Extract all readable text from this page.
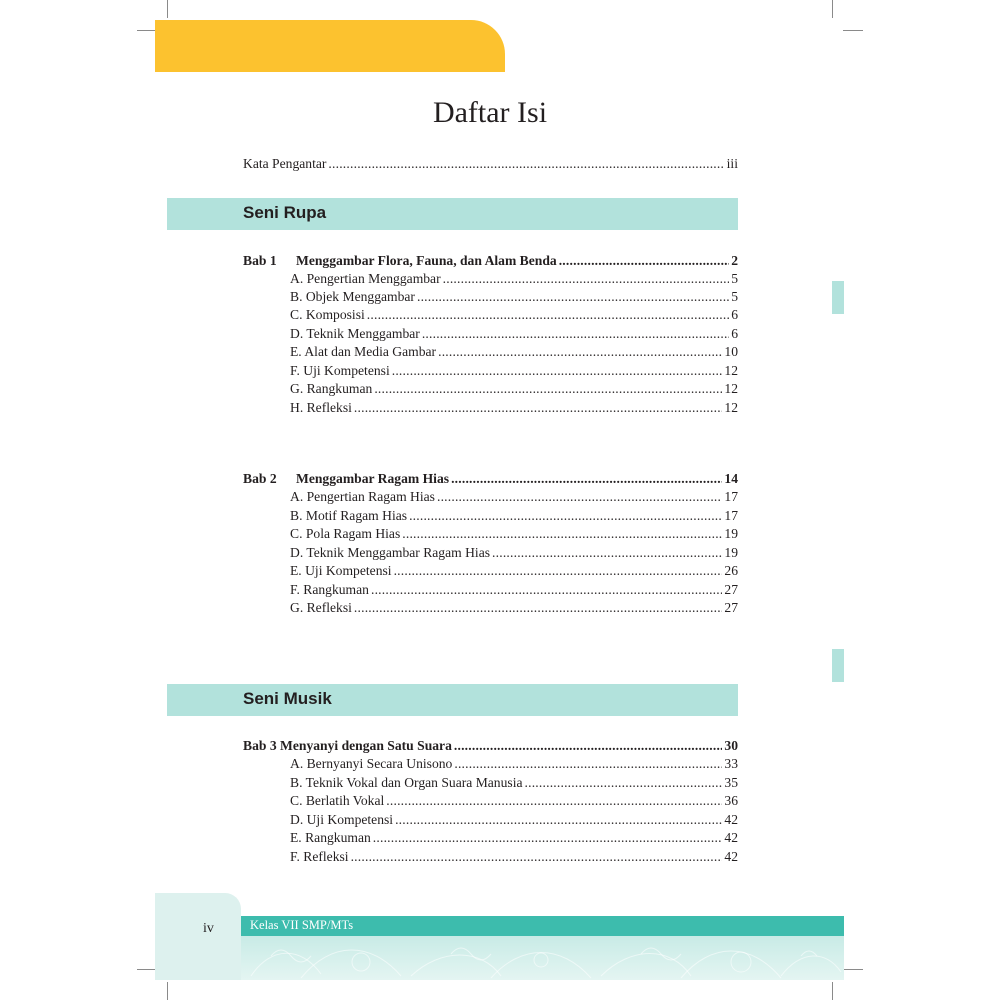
Daftar Isi
Kata Pengantar . . .	iii
Seni Rupa
Bab 1 Menggambar Flora, Fauna, dan Alam Benda . . .	2
A. Pengertian Menggambar . . .	5
B. Objek Menggambar . . .	5
C. Komposisi . . .	6
D. Teknik Menggambar . . .	6
E. Alat dan Media Gambar . . .	10
F. Uji Kompetensi . . .	12
G. Rangkuman . . .	12
H. Refleksi . . .	12
Bab 2 Menggambar Ragam Hias . . .	14
A. Pengertian Ragam Hias . . .	17
B. Motif Ragam Hias . . .	17
C. Pola Ragam Hias . . .	19
D. Teknik Menggambar Ragam Hias . . .	19
E. Uji Kompetensi . . .	26
F. Rangkuman . . .	27
G. Refleksi . . .	27
Seni Musik
Bab 3 Menyanyi dengan Satu Suara . . .	30
A. Bernyanyi Secara Unisono . . .	33
B. Teknik Vokal dan Organ Suara Manusia . . .	35
C. Berlatih Vokal . . .	36
D. Uji Kompetensi . . .	42
E. Rangkuman . . .	42
F. Refleksi . . .	42
iv	Kelas VII SMP/MTs
